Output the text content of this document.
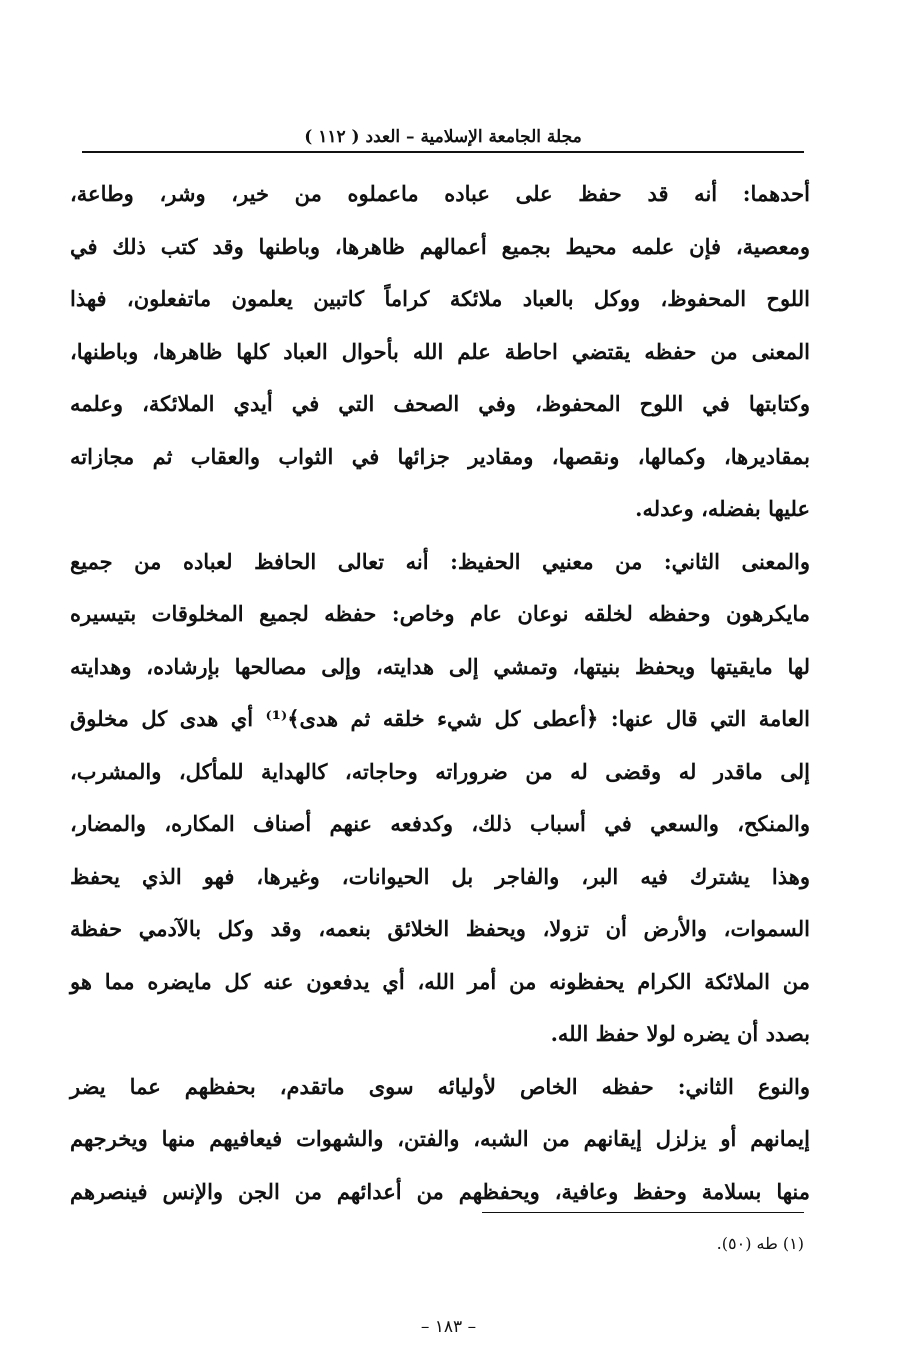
مجلة الجامعة الإسلامية – العدد ( ١١٢ )
أحدهما: أنه قد حفظ على عباده ماعملوه من خير، وشر، وطاعة،
ومعصية، فإن علمه محيط بجميع أعمالهم ظاهرها، وباطنها وقد كتب ذلك في
اللوح المحفوظ، ووكل بالعباد ملائكة كراماً كاتبين يعلمون ماتفعلون، فهذا
المعنى من حفظه يقتضي احاطة علم الله بأحوال العباد كلها ظاهرها، وباطنها،
وكتابتها في اللوح المحفوظ، وفي الصحف التي في أيدي الملائكة، وعلمه
بمقاديرها، وكمالها، ونقصها، ومقادير جزائها في الثواب والعقاب ثم مجازاته
عليها بفضله، وعدله.
والمعنى الثاني: من معنيي الحفيظ: أنه تعالى الحافظ لعباده من جميع
مايكرهون وحفظه لخلقه نوعان عام وخاص: حفظه لجميع المخلوقات بتيسيره
لها مايقيتها ويحفظ بنيتها، وتمشي إلى هدايته، وإلى مصالحها بإرشاده، وهدايته
العامة التي قال عنها: ﴿أعطى كل شيء خلقه ثم هدى﴾⁽¹⁾ أي هدى كل مخلوق
إلى ماقدر له وقضى له من ضروراته وحاجاته، كالهداية للمأكل، والمشرب،
والمنكح، والسعي في أسباب ذلك، وكدفعه عنهم أصناف المكاره، والمضار،
وهذا يشترك فيه البر، والفاجر بل الحيوانات، وغيرها، فهو الذي يحفظ
السموات، والأرض أن تزولا، ويحفظ الخلائق بنعمه، وقد وكل بالآدمي حفظة
من الملائكة الكرام يحفظونه من أمر الله، أي يدفعون عنه كل مايضره مما هو
بصدد أن يضره لولا حفظ الله.
والنوع الثاني: حفظه الخاص لأوليائه سوى ماتقدم، بحفظهم عما يضر
إيمانهم أو يزلزل إيقانهم من الشبه، والفتن، والشهوات فيعافيهم منها ويخرجهم
منها بسلامة وحفظ وعافية، ويحفظهم من أعدائهم من الجن والإنس فينصرهم
(١) طه (٥٠).
– ١٨٣ –
